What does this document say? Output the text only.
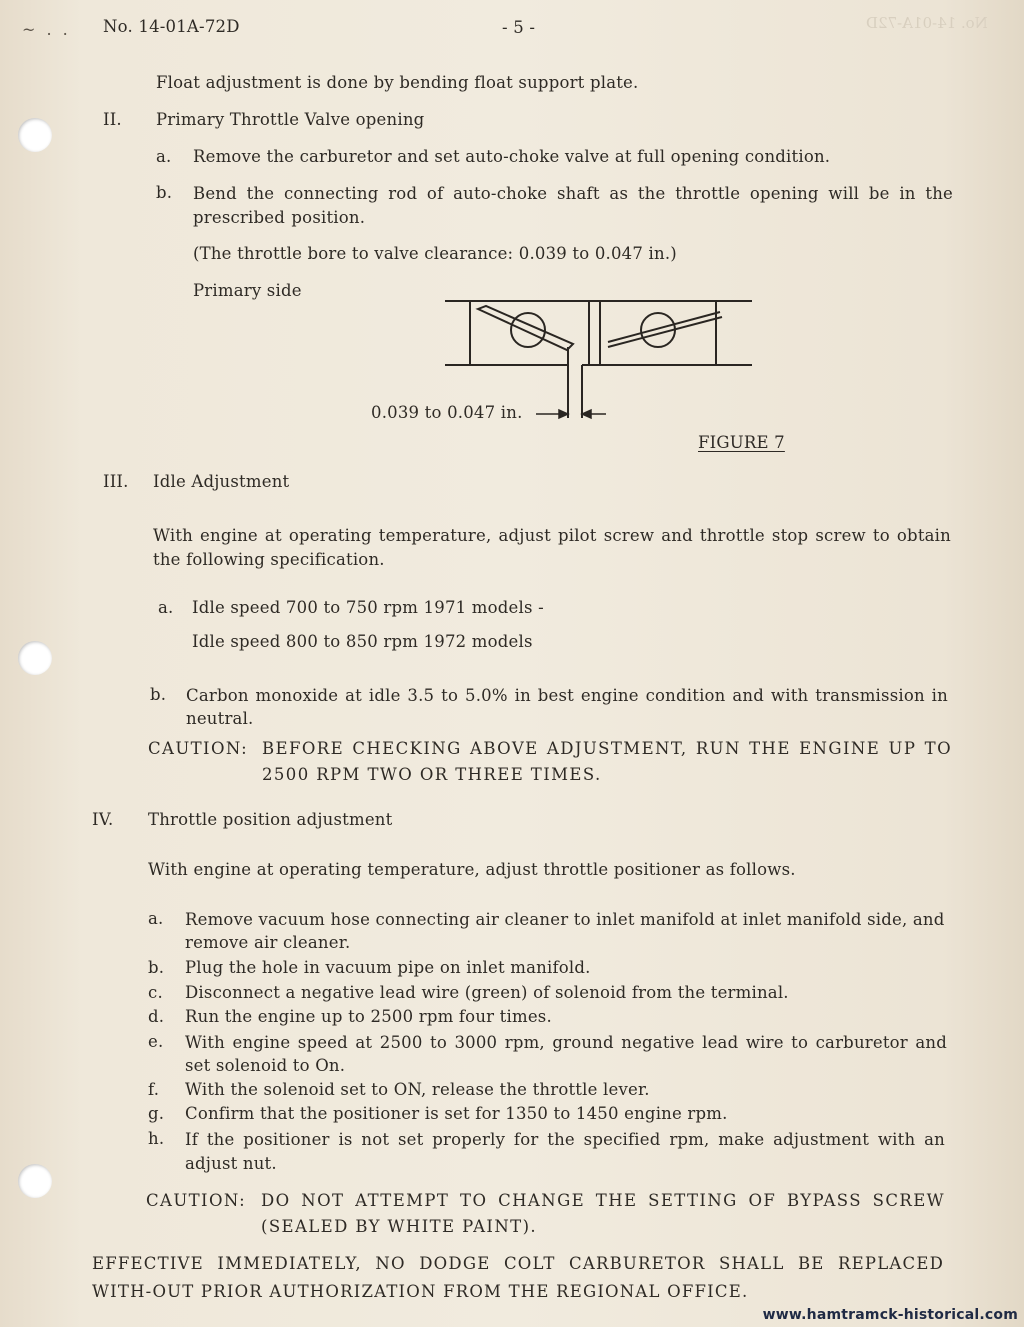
No. 14-01A-72D
~ . . No. 14-01A-72D	- 5 -
Float adjustment is done by bending float support plate.
II. Primary Throttle Valve opening
a. Remove the carburetor and set auto-choke valve at full opening condition.
b. Bend the connecting rod of auto-choke shaft as the throttle opening will be in the prescribed position.
(The throttle bore to valve clearance: 0.039 to 0.047 in.)
Primary side
0.039 to 0.047 in.
FIGURE 7
III. Idle Adjustment
With engine at operating temperature, adjust pilot screw and throttle stop screw to obtain the following specification.
a. Idle speed 700 to 750 rpm 1971 models -
Idle speed 800 to 850 rpm 1972 models
b. Carbon monoxide at idle 3.5 to 5.0% in best engine condition and with transmission in neutral.
CAUTION: BEFORE CHECKING ABOVE ADJUSTMENT, RUN THE ENGINE UP TO 2500 RPM TWO OR THREE TIMES.
IV. Throttle position adjustment
With engine at operating temperature, adjust throttle positioner as follows.
a. Remove vacuum hose connecting air cleaner to inlet manifold at inlet manifold side, and remove air cleaner.
b. Plug the hole in vacuum pipe on inlet manifold.
c. Disconnect a negative lead wire (green) of solenoid from the terminal.
d. Run the engine up to 2500 rpm four times.
e. With engine speed at 2500 to 3000 rpm, ground negative lead wire to carburetor and set solenoid to On.
f. With the solenoid set to ON, release the throttle lever.
g. Confirm that the positioner is set for 1350 to 1450 engine rpm.
h. If the positioner is not set properly for the specified rpm, make adjustment with an adjust nut.
CAUTION: DO NOT ATTEMPT TO CHANGE THE SETTING OF BYPASS SCREW (SEALED BY WHITE PAINT).
EFFECTIVE IMMEDIATELY, NO DODGE COLT CARBURETOR SHALL BE REPLACED WITH-OUT PRIOR AUTHORIZATION FROM THE REGIONAL OFFICE.
www.hamtramck-historical.com
